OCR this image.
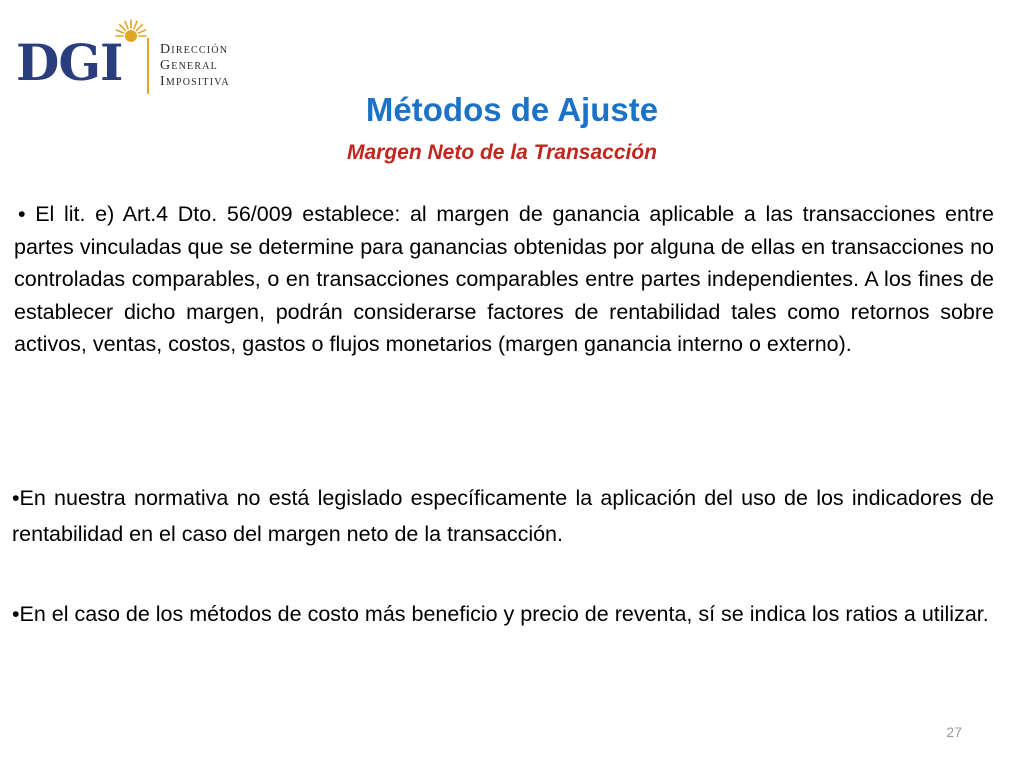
DGI	Dirección
General
Impositiva
Métodos de Ajuste
Margen Neto de la Transacción
• El lit. e) Art.4 Dto. 56/009 establece: al margen de ganancia aplicable a las transacciones entre partes vinculadas que se determine para ganancias obtenidas por alguna de ellas en transacciones no controladas comparables, o en transacciones comparables entre partes independientes. A los fines de establecer dicho margen, podrán considerarse factores de rentabilidad tales como retornos sobre activos, ventas, costos, gastos o flujos monetarios (margen ganancia interno o externo).
•En nuestra normativa no está legislado específicamente la aplicación del uso de los indicadores de rentabilidad en el caso del margen neto de la transacción.
•En el caso de los métodos de costo más beneficio y precio de reventa, sí se indica los ratios a utilizar.
27
